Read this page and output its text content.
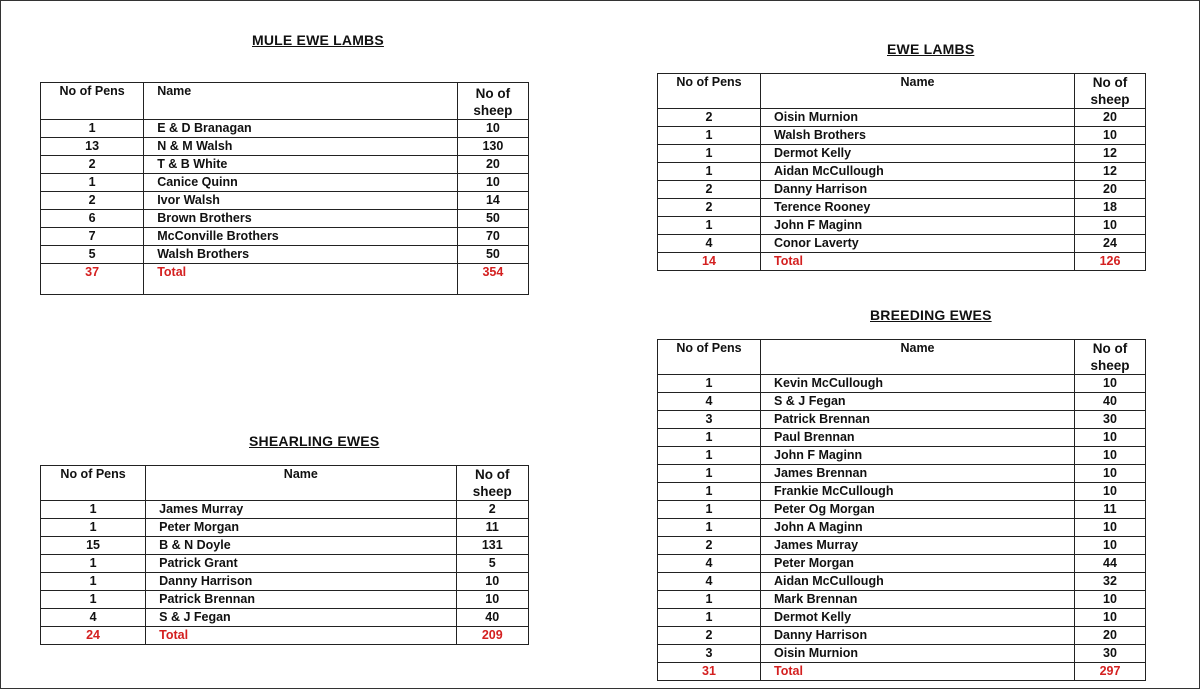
MULE EWE LAMBS
No of Pens	Name	No of sheep
1	E & D Branagan	10
13	N & M Walsh	130
2	T & B White	20
1	Canice Quinn	10
2	Ivor Walsh	14
6	Brown Brothers	50
7	McConville Brothers	70
5	Walsh Brothers	50
37	Total	354
EWE LAMBS
No of Pens	Name	No of sheep
2	Oisin Murnion	20
1	Walsh Brothers	10
1	Dermot Kelly	12
1	Aidan McCullough	12
2	Danny Harrison	20
2	Terence Rooney	18
1	John F Maginn	10
4	Conor Laverty	24
14	Total	126
SHEARLING EWES
No of Pens	Name	No of sheep
1	James Murray	2
1	Peter Morgan	11
15	B & N Doyle	131
1	Patrick Grant	5
1	Danny Harrison	10
1	Patrick Brennan	10
4	S & J Fegan	40
24	Total	209
BREEDING EWES
No of Pens	Name	No of sheep
1	Kevin McCullough	10
4	S & J Fegan	40
3	Patrick Brennan	30
1	Paul Brennan	10
1	John F Maginn	10
1	James Brennan	10
1	Frankie McCullough	10
1	Peter Og Morgan	11
1	John A Maginn	10
2	James Murray	10
4	Peter Morgan	44
4	Aidan McCullough	32
1	Mark Brennan	10
1	Dermot Kelly	10
2	Danny Harrison	20
3	Oisin Murnion	30
31	Total	297
